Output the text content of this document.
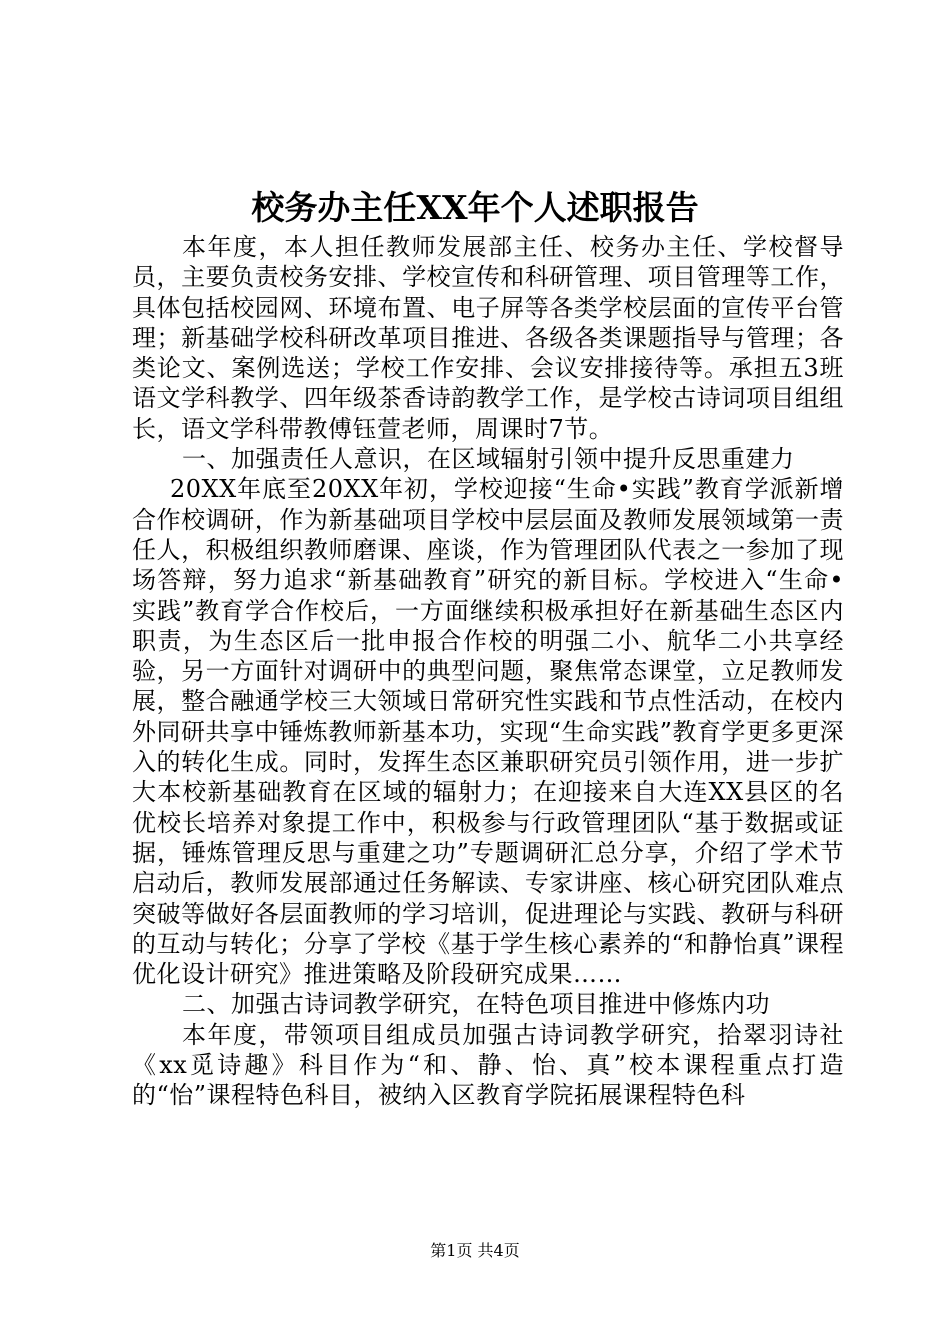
校务办主任XX年个人述职报告

本年度，本人担任教师发展部主任、校务办主任、学校督导员，主要负责校务安排、学校宣传和科研管理、项目管理等工作，具体包括校园网、环境布置、电子屏等各类学校层面的宣传平台管理；新基础学校科研改革项目推进、各级各类课题指导与管理；各类论文、案例选送；学校工作安排、会议安排接待等。承担五3班语文学科教学、四年级茶香诗韵教学工作，是学校古诗词项目组组长，语文学科带教傅钰萱老师，周课时7节。

一、加强责任人意识，在区域辐射引领中提升反思重建力

20XX年底至20XX年初，学校迎接“生命•实践”教育学派新增合作校调研，作为新基础项目学校中层层面及教师发展领域第一责任人，积极组织教师磨课、座谈，作为管理团队代表之一参加了现场答辩，努力追求“新基础教育”研究的新目标。学校进入“生命•实践”教育学合作校后，一方面继续积极承担好在新基础生态区内职责，为生态区后一批申报合作校的明强二小、航华二小共享经验，另一方面针对调研中的典型问题，聚焦常态课堂，立足教师发展，整合融通学校三大领域日常研究性实践和节点性活动，在校内外同研共享中锤炼教师新基本功，实现“生命实践”教育学更多更深入的转化生成。同时，发挥生态区兼职研究员引领作用，进一步扩大本校新基础教育在区域的辐射力；在迎接来自大连XX县区的名优校长培养对象提工作中，积极参与行政管理团队“基于数据或证据，锤炼管理反思与重建之功”专题调研汇总分享，介绍了学术节启动后，教师发展部通过任务解读、专家讲座、核心研究团队难点突破等做好各层面教师的学习培训，促进理论与实践、教研与科研的互动与转化；分享了学校《基于学生核心素养的“和静怡真”课程优化设计研究》推进策略及阶段研究成果……

二、加强古诗词教学研究，在特色项目推进中修炼内功

本年度，带领项目组成员加强古诗词教学研究，拾翠羽诗社《xx觅诗趣》科目作为“和、静、怡、真”校本课程重点打造的“怡”课程特色科目，被纳入区教育学院拓展课程特色科

第1页 共4页
